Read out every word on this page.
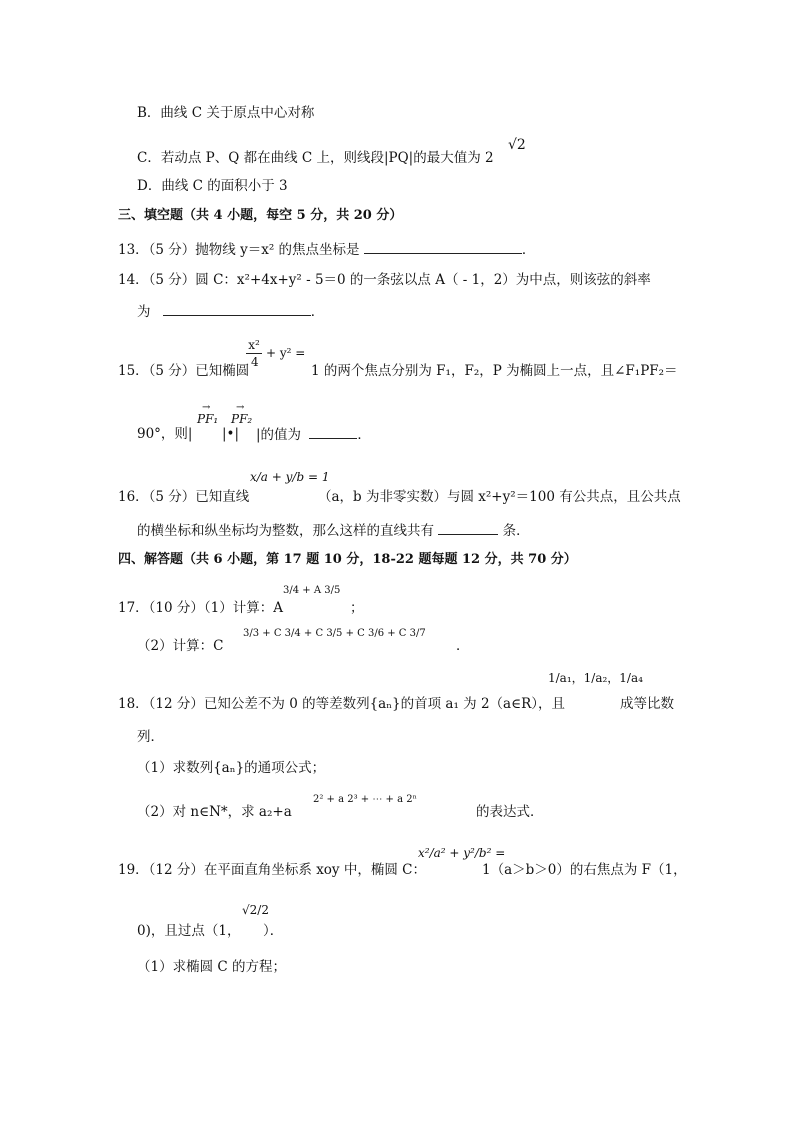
B．曲线 C 关于原点中心对称
C．若动点 P、Q 都在曲线 C 上，则线段|PQ|的最大值为 2
√2
D．曲线 C 的面积小于 3
三、填空题（共 4 小题，每空 5 分，共 20 分）
13．（5 分）抛物线 y＝x² 的焦点坐标是	．
14．（5 分）圆 C：x²+4x+y² - 5＝0 的一条弦以点 A（ - 1，2）为中点，则该弦的斜率
为	．
x²
4
+ y² =
15．（5 分）已知椭圆	1 的两个焦点分别为 F₁，F₂，P 为椭圆上一点，且∠F₁PF₂＝
90°，则|
PF₁
→
|•|
PF₂
→
|的值为	．
x/a + y/b = 1
16．（5 分）已知直线	（a，b 为非零实数）与圆 x²+y²＝100 有公共点，且公共点
的横坐标和纵坐标均为整数，那么这样的直线共有	条．
四、解答题（共 6 小题，第 17 题 10 分，18-22 题每题 12 分，共 70 分）
17．（10 分）（1）计算：A
3/4 + A 3/5
；
（2）计算：C
3/3 + C 3/4 + C 3/5 + C 3/6 + C 3/7
．
1/a₁，1/a₂，1/a₄
18．（12 分）已知公差不为 0 的等差数列{aₙ}的首项 a₁ 为 2（a∈R），且	成等比数
列．
（1）求数列{aₙ}的通项公式；
（2）对 n∈N*，求 a₂+a
2² + a 2³ + ⋯ + a 2ⁿ
的表达式．
x²/a² + y²/b² =
19．（12 分）在平面直角坐标系 xoy 中，椭圆 C：	1（a＞b＞0）的右焦点为 F（1，
√2/2
0)，且过点（1， ）．
（1）求椭圆 C 的方程；
